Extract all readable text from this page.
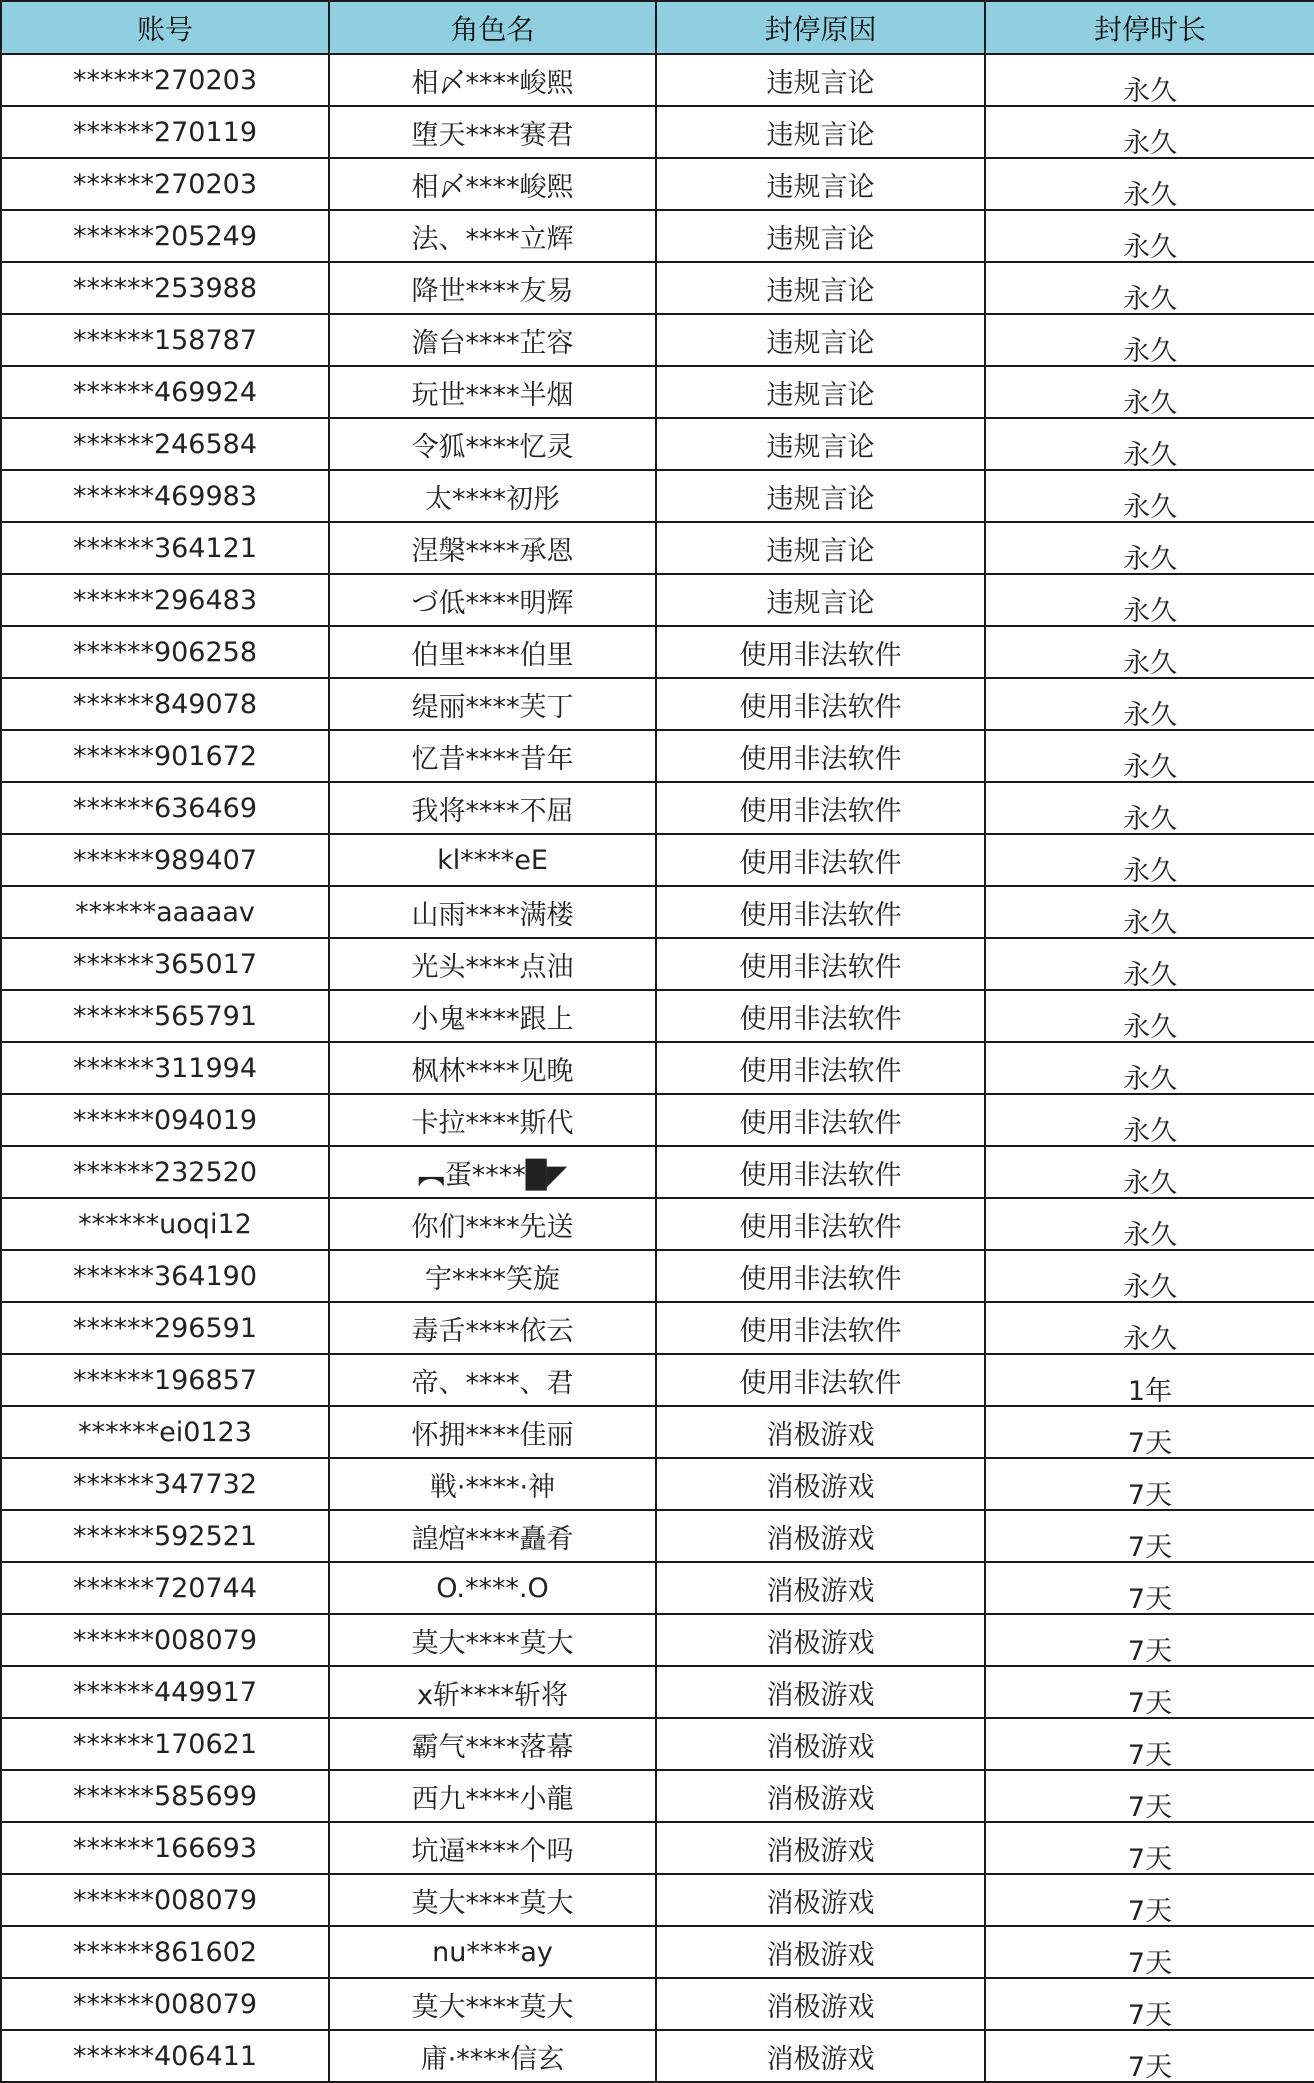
账号	角色名	封停原因	封停时长
******270203	相〆****峻熙	违规言论	永久
******270119	堕天****赛君	违规言论	永久
******270203	相〆****峻熙	违规言论	永久
******205249	法、****立辉	违规言论	永久
******253988	降世****友易	违规言论	永久
******158787	澹台****芷容	违规言论	永久
******469924	玩世****半烟	违规言论	永久
******246584	令狐****忆灵	违规言论	永久
******469983	太****初彤	违规言论	永久
******364121	涅槃****承恩	违规言论	永久
******296483	づ低****明辉	违规言论	永久
******906258	伯里****伯里	使用非法软件	永久
******849078	缇丽****芙丁	使用非法软件	永久
******901672	忆昔****昔年	使用非法软件	永久
******636469	我将****不屈	使用非法软件	永久
******989407	kl****eE	使用非法软件	永久
******aaaaav	山雨****满楼	使用非法软件	永久
******365017	光头****点油	使用非法软件	永久
******565791	小鬼****跟上	使用非法软件	永久
******311994	枫林****见晚	使用非法软件	永久
******094019	卡拉****斯代	使用非法软件	永久
******232520	︻蛋****█◤	使用非法软件	永久
******uoqi12	你们****先送	使用非法软件	永久
******364190	宇****笑旋	使用非法软件	永久
******296591	毒舌****依云	使用非法软件	永久
******196857	帝、****、君	使用非法软件	1年
******ei0123	怀拥****佳丽	消极游戏	7天
******347732	戦·****·神	消极游戏	7天
******592521	諻熍****矗肴	消极游戏	7天
******720744	O.****.O	消极游戏	7天
******008079	莫大****莫大	消极游戏	7天
******449917	x斩****斩将	消极游戏	7天
******170621	霸气****落幕	消极游戏	7天
******585699	西九****小龍	消极游戏	7天
******166693	坑逼****个吗	消极游戏	7天
******008079	莫大****莫大	消极游戏	7天
******861602	nu****ay	消极游戏	7天
******008079	莫大****莫大	消极游戏	7天
******406411	庯·****信玄	消极游戏	7天
